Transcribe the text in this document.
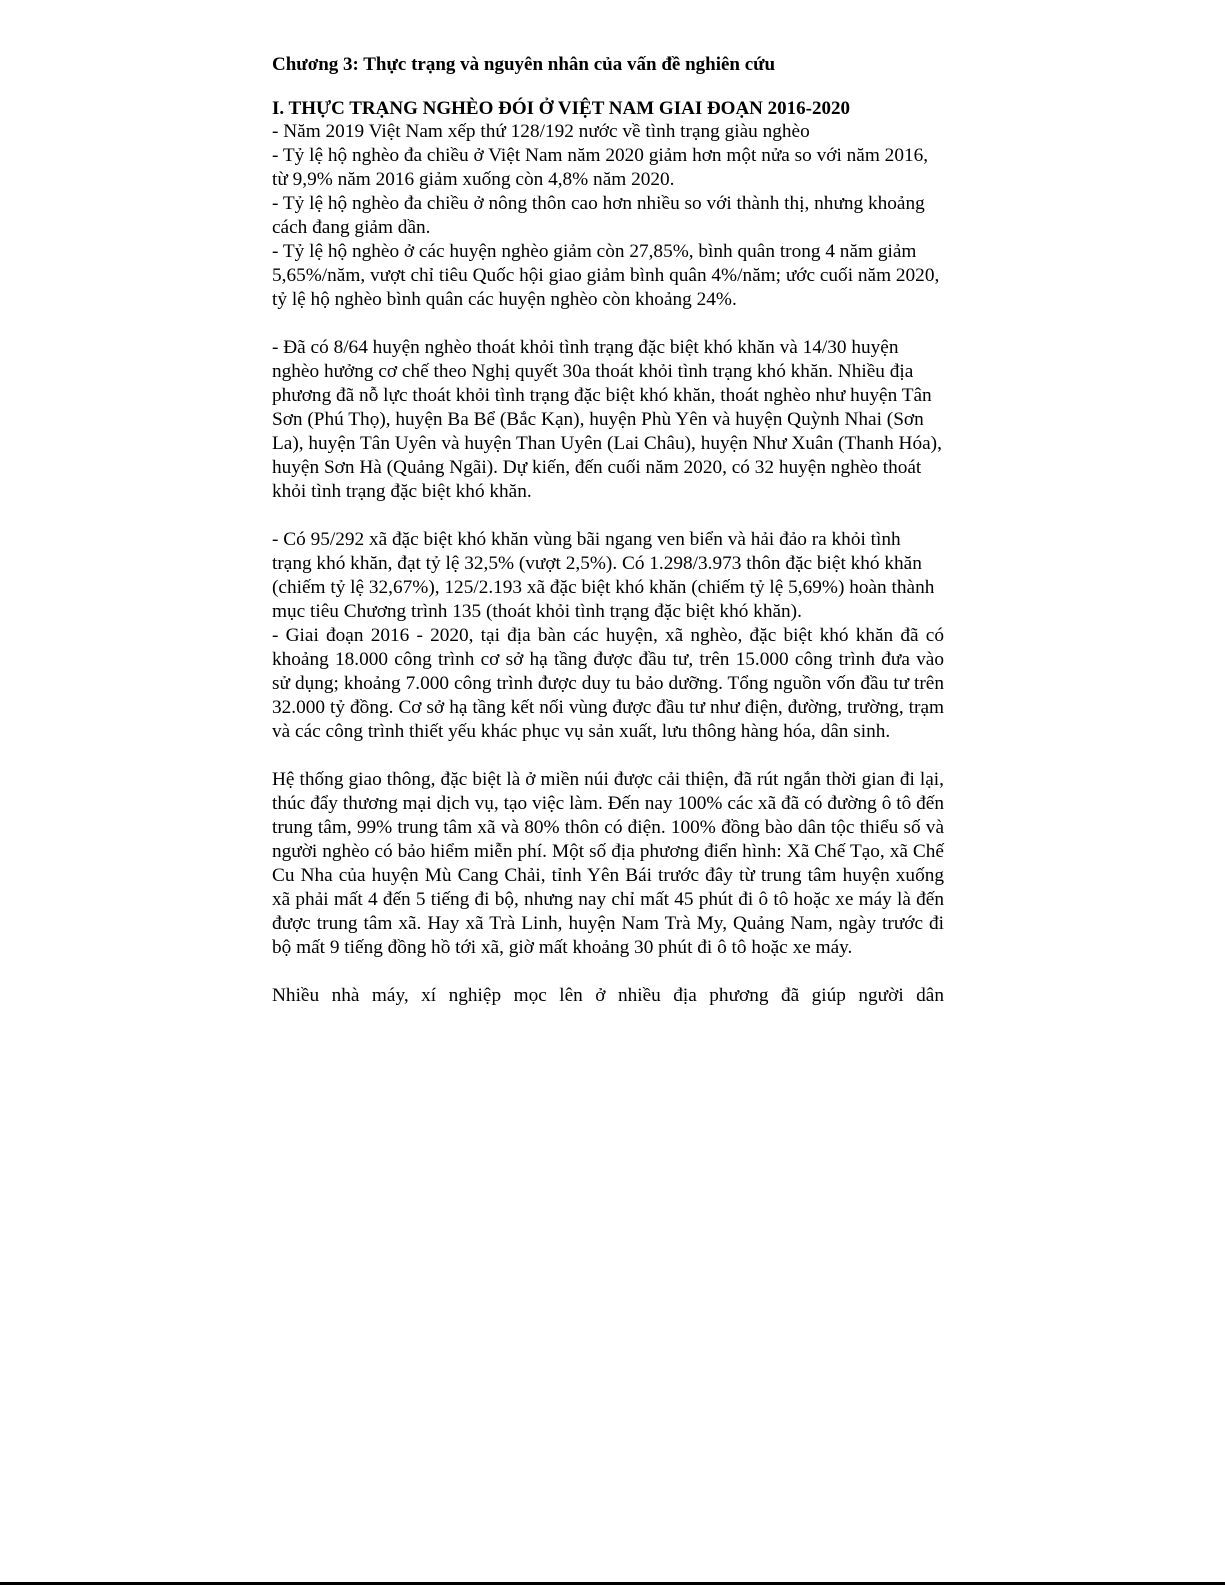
Chương 3: Thực trạng và nguyên nhân của vấn đề nghiên cứu
I. THỰC TRẠNG NGHÈO ĐÓI Ở VIỆT NAM GIAI ĐOẠN 2016-2020

- Năm 2019 Việt Nam xếp thứ 128/192 nước về tình trạng giàu nghèo

- Tỷ lệ hộ nghèo đa chiều ở Việt Nam năm 2020 giảm hơn một nửa so với năm 2016, từ 9,9% năm 2016 giảm xuống còn 4,8% năm 2020.

- Tỷ lệ hộ nghèo đa chiều ở nông thôn cao hơn nhiều so với thành thị, nhưng khoảng cách đang giảm dần.

- Tỷ lệ hộ nghèo ở các huyện nghèo giảm còn 27,85%, bình quân trong 4 năm giảm 5,65%/năm, vượt chỉ tiêu Quốc hội giao giảm bình quân 4%/năm; ước cuối năm 2020, tỷ lệ hộ nghèo bình quân các huyện nghèo còn khoảng 24%.

- Đã có 8/64 huyện nghèo thoát khỏi tình trạng đặc biệt khó khăn và 14/30 huyện nghèo hưởng cơ chế theo Nghị quyết 30a thoát khỏi tình trạng khó khăn. Nhiều địa phương đã nỗ lực thoát khỏi tình trạng đặc biệt khó khăn, thoát nghèo như huyện Tân Sơn (Phú Thọ), huyện Ba Bể (Bắc Kạn), huyện Phù Yên và huyện Quỳnh Nhai (Sơn La), huyện Tân Uyên và huyện Than Uyên (Lai Châu), huyện Như Xuân (Thanh Hóa), huyện Sơn Hà (Quảng Ngãi). Dự kiến, đến cuối năm 2020, có 32 huyện nghèo thoát khỏi tình trạng đặc biệt khó khăn.

- Có 95/292 xã đặc biệt khó khăn vùng bãi ngang ven biển và hải đảo ra khỏi tình trạng khó khăn, đạt tỷ lệ 32,5% (vượt 2,5%). Có 1.298/3.973 thôn đặc biệt khó khăn (chiếm tỷ lệ 32,67%), 125/2.193 xã đặc biệt khó khăn (chiếm tỷ lệ 5,69%) hoàn thành mục tiêu Chương trình 135 (thoát khỏi tình trạng đặc biệt khó khăn).

- Giai đoạn 2016 - 2020, tại địa bàn các huyện, xã nghèo, đặc biệt khó khăn đã có khoảng 18.000 công trình cơ sở hạ tầng được đầu tư, trên 15.000 công trình đưa vào sử dụng; khoảng 7.000 công trình được duy tu bảo dưỡng. Tổng nguồn vốn đầu tư trên 32.000 tỷ đồng. Cơ sở hạ tầng kết nối vùng được đầu tư như điện, đường, trường, trạm và các công trình thiết yếu khác phục vụ sản xuất, lưu thông hàng hóa, dân sinh.

Hệ thống giao thông, đặc biệt là ở miền núi được cải thiện, đã rút ngắn thời gian đi lại, thúc đẩy thương mại dịch vụ, tạo việc làm. Đến nay 100% các xã đã có đường ô tô đến trung tâm, 99% trung tâm xã và 80% thôn có điện. 100% đồng bào dân tộc thiểu số và người nghèo có bảo hiểm miễn phí. Một số địa phương điển hình: Xã Chế Tạo, xã Chế Cu Nha của huyện Mù Cang Chải, tỉnh Yên Bái trước đây từ trung tâm huyện xuống xã phải mất 4 đến 5 tiếng đi bộ, nhưng nay chỉ mất 45 phút đi ô tô hoặc xe máy là đến được trung tâm xã. Hay xã Trà Linh, huyện Nam Trà My, Quảng Nam, ngày trước đi bộ mất 9 tiếng đồng hồ tới xã, giờ mất khoảng 30 phút đi ô tô hoặc xe máy.

Nhiều nhà máy, xí nghiệp mọc lên ở nhiều địa phương đã giúp người dân
